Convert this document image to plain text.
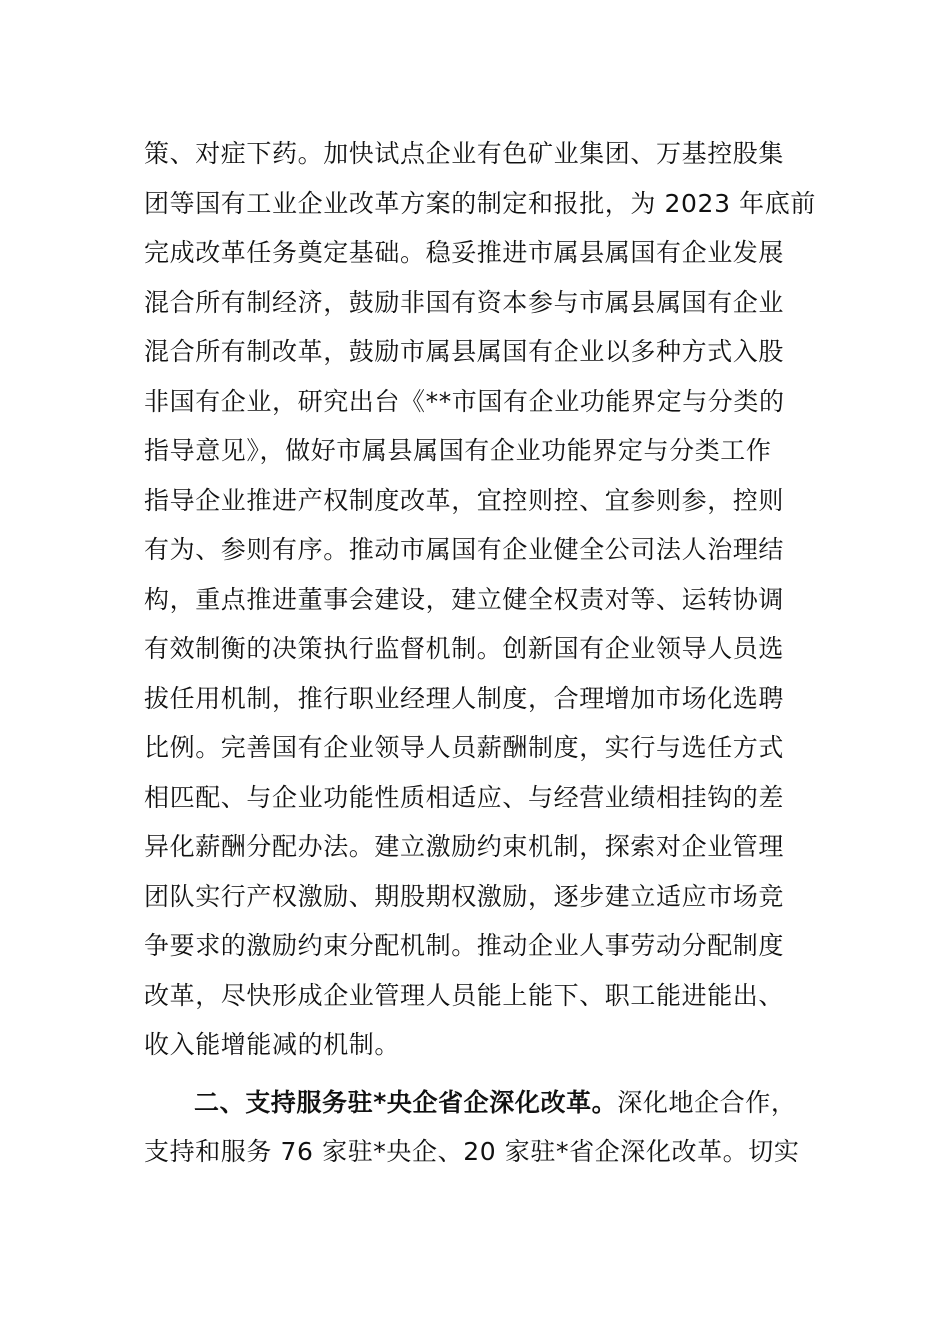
策、对症下药。加快试点企业有色矿业集团、万基控股集
团等国有工业企业改革方案的制定和报批，为 2023 年底前
完成改革任务奠定基础。稳妥推进市属县属国有企业发展
混合所有制经济，鼓励非国有资本参与市属县属国有企业
混合所有制改革，鼓励市属县属国有企业以多种方式入股
非国有企业，研究出台《**市国有企业功能界定与分类的
指导意见》，做好市属县属国有企业功能界定与分类工作
指导企业推进产权制度改革，宜控则控、宜参则参，控则
有为、参则有序。推动市属国有企业健全公司法人治理结
构，重点推进董事会建设，建立健全权责对等、运转协调
有效制衡的决策执行监督机制。创新国有企业领导人员选
拔任用机制，推行职业经理人制度，合理增加市场化选聘
比例。完善国有企业领导人员薪酬制度，实行与选任方式
相匹配、与企业功能性质相适应、与经营业绩相挂钩的差
异化薪酬分配办法。建立激励约束机制，探索对企业管理
团队实行产权激励、期股期权激励，逐步建立适应市场竞
争要求的激励约束分配机制。推动企业人事劳动分配制度
改革，尽快形成企业管理人员能上能下、职工能进能出、
收入能增能减的机制。
二、支持服务驻*央企省企深化改革。深化地企合作，
支持和服务 76 家驻*央企、20 家驻*省企深化改革。切实
